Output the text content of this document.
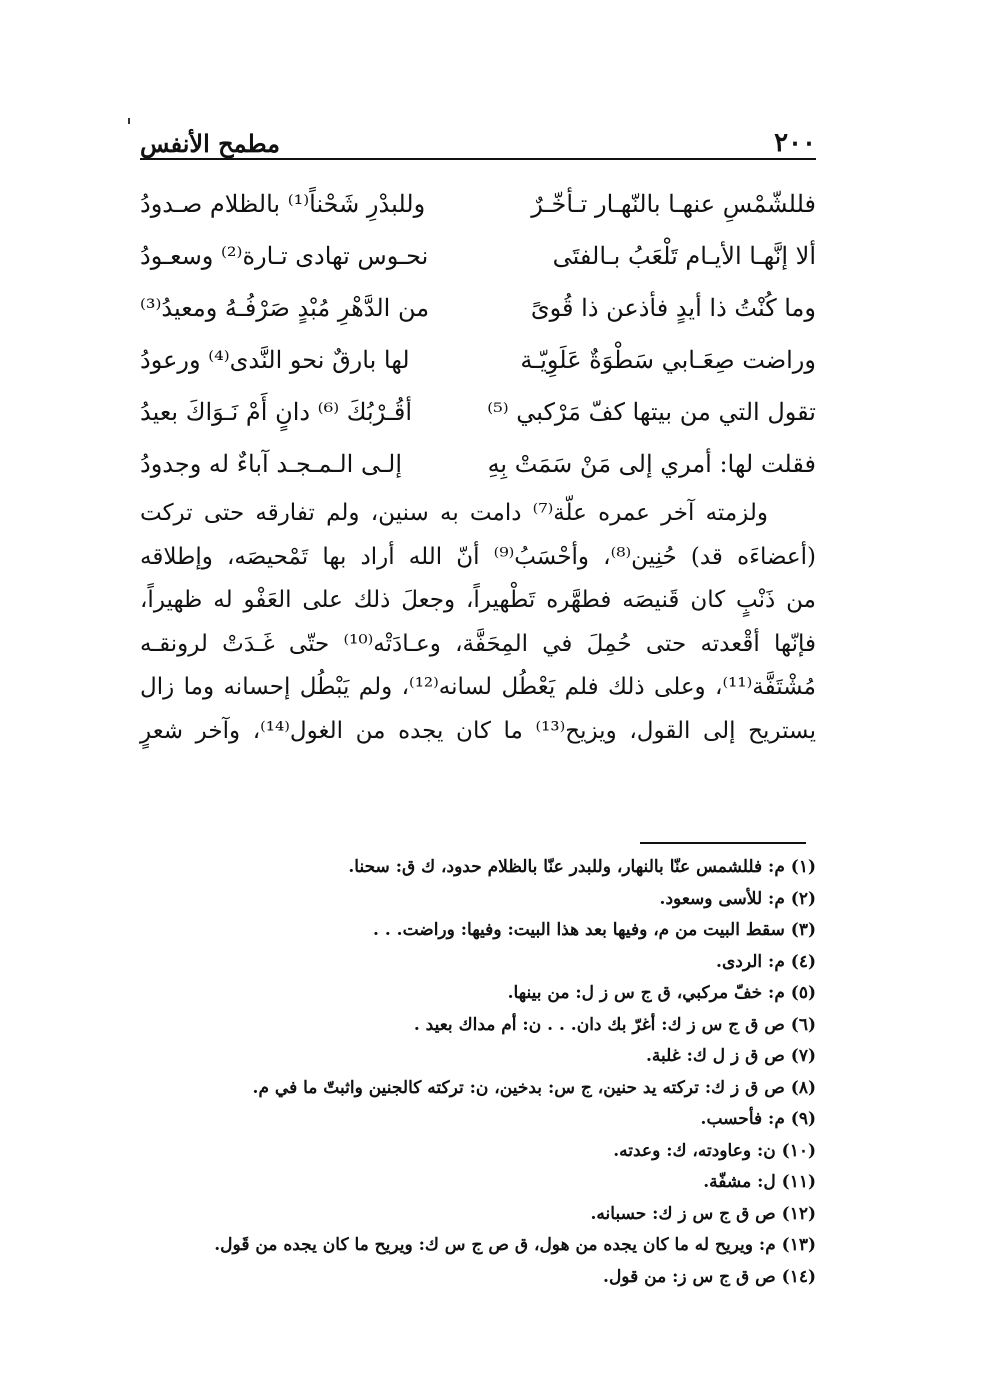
٢٠٠
مطمح الأنفس
فللشّمْسِ عنهـا بالنّهـار تـأخّـرٌ
وللبدْرِ شَحْناً⁽¹⁾ بالظلام صـدودُ
ألا إنَّهـا الأيـام تَلْعَبُ بـالفتَى
نحـوس تهادى تـارة⁽²⁾ وسعـودُ
وما كُنْتُ ذا أيدٍ فأذعن ذا قُوىً
من الدَّهْرِ مُبْدٍ صَرْفُـهُ ومعيدُ⁽³⁾
وراضت صِعَـابي سَطْوَةٌ عَلَوِيّـة
لها بارقٌ نحو النَّدى⁽⁴⁾ ورعودُ
تقول التي من بيتها كفّ مَرْكبي ⁽⁵⁾
أقُـرْبُكَ ⁽⁶⁾ دانٍ أَمْ نَـوَاكَ بعيدُ
فقلت لها: أمري إلى مَنْ سَمَتْ بِهِ
إلـى الـمـجـد آباءٌ له وجدودُ

ولزمته آخر عمره علّة⁽⁷⁾ دامت به سنين، ولم تفارقه حتى تركت

(أعضاءَه قد) حُنِين⁽⁸⁾، وأحْسَبُ⁽⁹⁾ أنّ الله أراد بها تَمْحيصَه، وإطلاقه

من ذَنْبٍ كان قَنيصَه فطهَّره تَطْهيراً، وجعلَ ذلك على العَفْو له ظهيراً،

فإنّها أقْعدته حتى حُمِلَ في المِحَفَّة، وعـادَتْه⁽¹⁰⁾ حتّى غَـدَتْ لرونقـه

مُشْتَفَّة⁽¹¹⁾، وعلى ذلك فلم يَعْطُل لسانه⁽¹²⁾، ولم يَبْطُل إحسانه وما زال

يستريح إلى القول، ويزيح⁽¹³⁾ ما كان يجده من الغول⁽¹⁴⁾، وآخر شعرٍ

(١) م: فللشمس عنّا بالنهار، وللبدر عنّا بالظلام حدود، ك ق: سحنا.
(٢) م: للأسى وسعود.
(٣) سقط البيت من م، وفيها بعد هذا البيت: وفيها: وراضت. . .
(٤) م: الردى.
(٥) م: خفّ مركبي، ق ج س ز ل: من بينها.
(٦) ص ق ج س ز ك: أغرّ بك دان. . . ن: أم مداك بعيد .
(٧) ص ق ز ل ك: غلبة.
(٨) ص ق ز ك: تركته يد حنين، ج س: بدخين، ن: تركته كالجنين واثبتّ ما في م.
(٩) م: فأحسب.
(١٠) ن: وعاودته، ك: وعدته.
(١١) ل: مشفّة.
(١٢) ص ق ج س ز ك: حسبانه.
(١٣) م: ويريح له ما كان يجده من هول، ق ص ج س ك: ويريح ما كان يجده من قَول.
(١٤) ص ق ج س ز: من قول.
